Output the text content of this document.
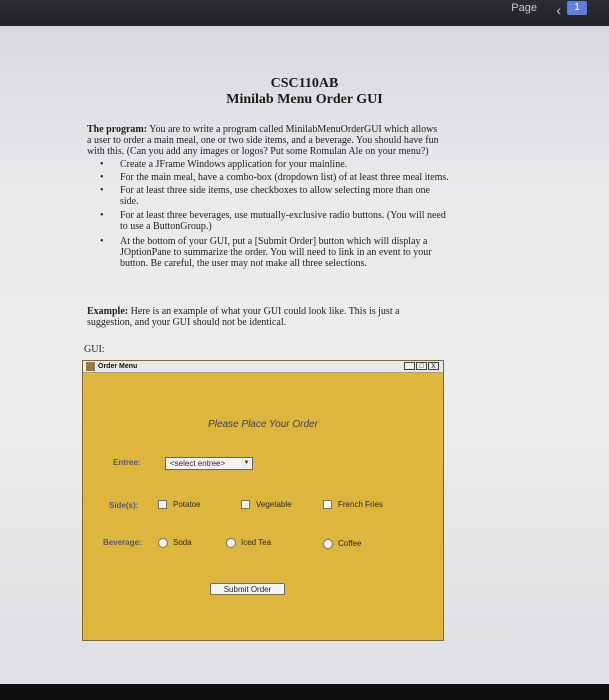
Page ‹	1
CSC110AB
Minilab Menu Order GUI
The program: You are to write a program called MinilabMenuOrderGUI which allows
a user to order a main meal, one or two side items, and a beverage. You should have fun
with this. (Can you add any images or logos? Put some Romulan Ale on your menu?)
• Create a JFrame Windows application for your mainline.
• For the main meal, have a combo-box (dropdown list) of at least three meal items.
• For at least three side items, use checkboxes to allow selecting more than one
side.
• For at least three beverages, use mutually-exclusive radio buttons. (You will need
to use a ButtonGroup.)
• At the bottom of your GUI, put a [Submit Order] button which will display a
JOptionPane to summarize the order. You will need to link in an event to your
button. Be careful, the user may not make all three selections.
Example: Here is an example of what your GUI could look like. This is just a
suggestion, and your GUI should not be identical.
GUI:
Order Menu	_	□	X
Please Place Your Order
Entree:	<select entree>	▼
Side(s):	Potatoe	Vegetable	French Fries
Beverage:	Soda	Iced Tea	Coffee
Submit Order
